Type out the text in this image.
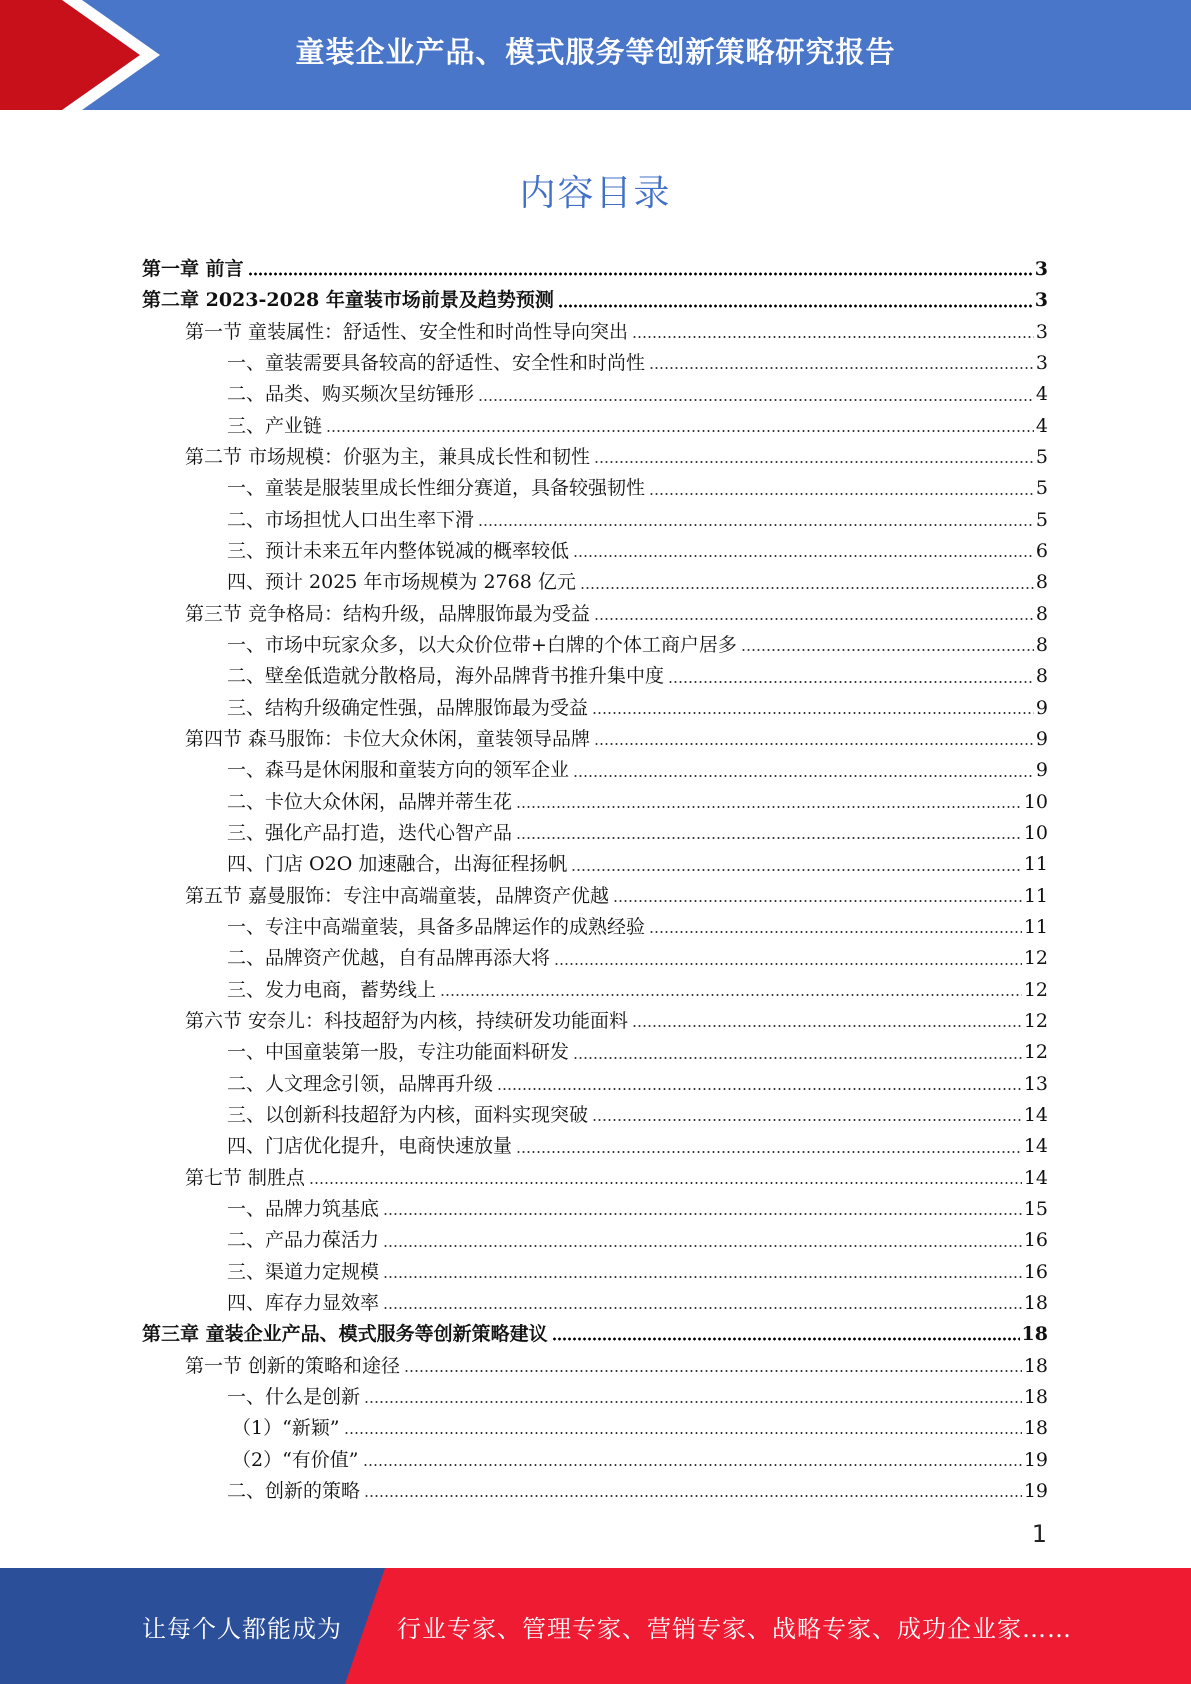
童装企业产品、模式服务等创新策略研究报告
内容目录
第一章 前言	3
第二章 2023-2028 年童装市场前景及趋势预测	3
第一节 童装属性：舒适性、安全性和时尚性导向突出	3
一、童装需要具备较高的舒适性、安全性和时尚性	3
二、品类、购买频次呈纺锤形	4
三、产业链	4
第二节 市场规模：价驱为主，兼具成长性和韧性	5
一、童装是服装里成长性细分赛道，具备较强韧性	5
二、市场担忧人口出生率下滑	5
三、预计未来五年内整体锐减的概率较低	6
四、预计 2025 年市场规模为 2768 亿元	8
第三节 竞争格局：结构升级，品牌服饰最为受益	8
一、市场中玩家众多，以大众价位带+白牌的个体工商户居多	8
二、壁垒低造就分散格局，海外品牌背书推升集中度	8
三、结构升级确定性强，品牌服饰最为受益	9
第四节 森马服饰：卡位大众休闲，童装领导品牌	9
一、森马是休闲服和童装方向的领军企业	9
二、卡位大众休闲，品牌并蒂生花	10
三、强化产品打造，迭代心智产品	10
四、门店 O2O 加速融合，出海征程扬帆	11
第五节 嘉曼服饰：专注中高端童装，品牌资产优越	11
一、专注中高端童装，具备多品牌运作的成熟经验	11
二、品牌资产优越，自有品牌再添大将	12
三、发力电商，蓄势线上	12
第六节 安奈儿：科技超舒为内核，持续研发功能面料	12
一、中国童装第一股，专注功能面料研发	12
二、人文理念引领，品牌再升级	13
三、以创新科技超舒为内核，面料实现突破	14
四、门店优化提升，电商快速放量	14
第七节 制胜点	14
一、品牌力筑基底	15
二、产品力葆活力	16
三、渠道力定规模	16
四、库存力显效率	18
第三章 童装企业产品、模式服务等创新策略建议	18
第一节 创新的策略和途径	18
一、什么是创新	18
（1）“新颖”	18
（2）“有价值”	19
二、创新的策略	19
1
让每个人都能成为 行业专家、管理专家、营销专家、战略专家、成功企业家……
